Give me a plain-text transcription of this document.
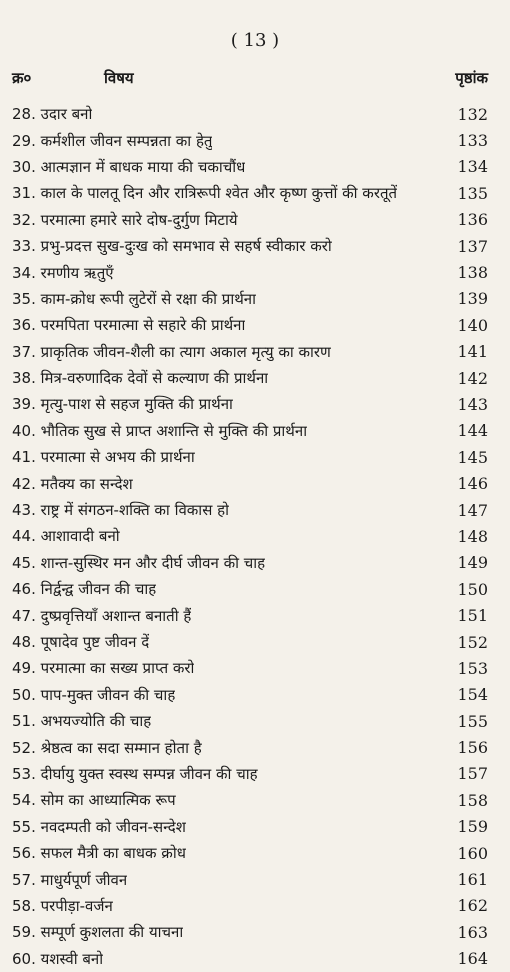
( 13 )
क्र०	विषय	पृष्ठांक
28. उदार बनो	132
29. कर्मशील जीवन सम्पन्नता का हेतु	133
30. आत्मज्ञान में बाधक माया की चकाचौंध	134
31. काल के पालतू दिन और रात्रिरूपी श्वेत और कृष्ण कुत्तों की करतूतें	135
32. परमात्मा हमारे सारे दोष-दुर्गुण मिटाये	136
33. प्रभु-प्रदत्त सुख-दुःख को समभाव से सहर्ष स्वीकार करो	137
34. रमणीय ऋतुएँ	138
35. काम-क्रोध रूपी लुटेरों से रक्षा की प्रार्थना	139
36. परमपिता परमात्मा से सहारे की प्रार्थना	140
37. प्राकृतिक जीवन-शैली का त्याग अकाल मृत्यु का कारण	141
38. मित्र-वरुणादिक देवों से कल्याण की प्रार्थना	142
39. मृत्यु-पाश से सहज मुक्ति की प्रार्थना	143
40. भौतिक सुख से प्राप्त अशान्ति से मुक्ति की प्रार्थना	144
41. परमात्मा से अभय की प्रार्थना	145
42. मतैक्य का सन्देश	146
43. राष्ट्र में संगठन-शक्ति का विकास हो	147
44. आशावादी बनो	148
45. शान्त-सुस्थिर मन और दीर्घ जीवन की चाह	149
46. निर्द्वन्द्व जीवन की चाह	150
47. दुष्प्रवृत्तियाँ अशान्त बनाती हैं	151
48. पूषादेव पुष्ट जीवन दें	152
49. परमात्मा का सख्य प्राप्त करो	153
50. पाप-मुक्त जीवन की चाह	154
51. अभयज्योति की चाह	155
52. श्रेष्ठत्व का सदा सम्मान होता है	156
53. दीर्घायु युक्त स्वस्थ सम्पन्न जीवन की चाह	157
54. सोम का आध्यात्मिक रूप	158
55. नवदम्पती को जीवन-सन्देश	159
56. सफल मैत्री का बाधक क्रोध	160
57. माधुर्यपूर्ण जीवन	161
58. परपीड़ा-वर्जन	162
59. सम्पूर्ण कुशलता की याचना	163
60. यशस्वी बनो	164
